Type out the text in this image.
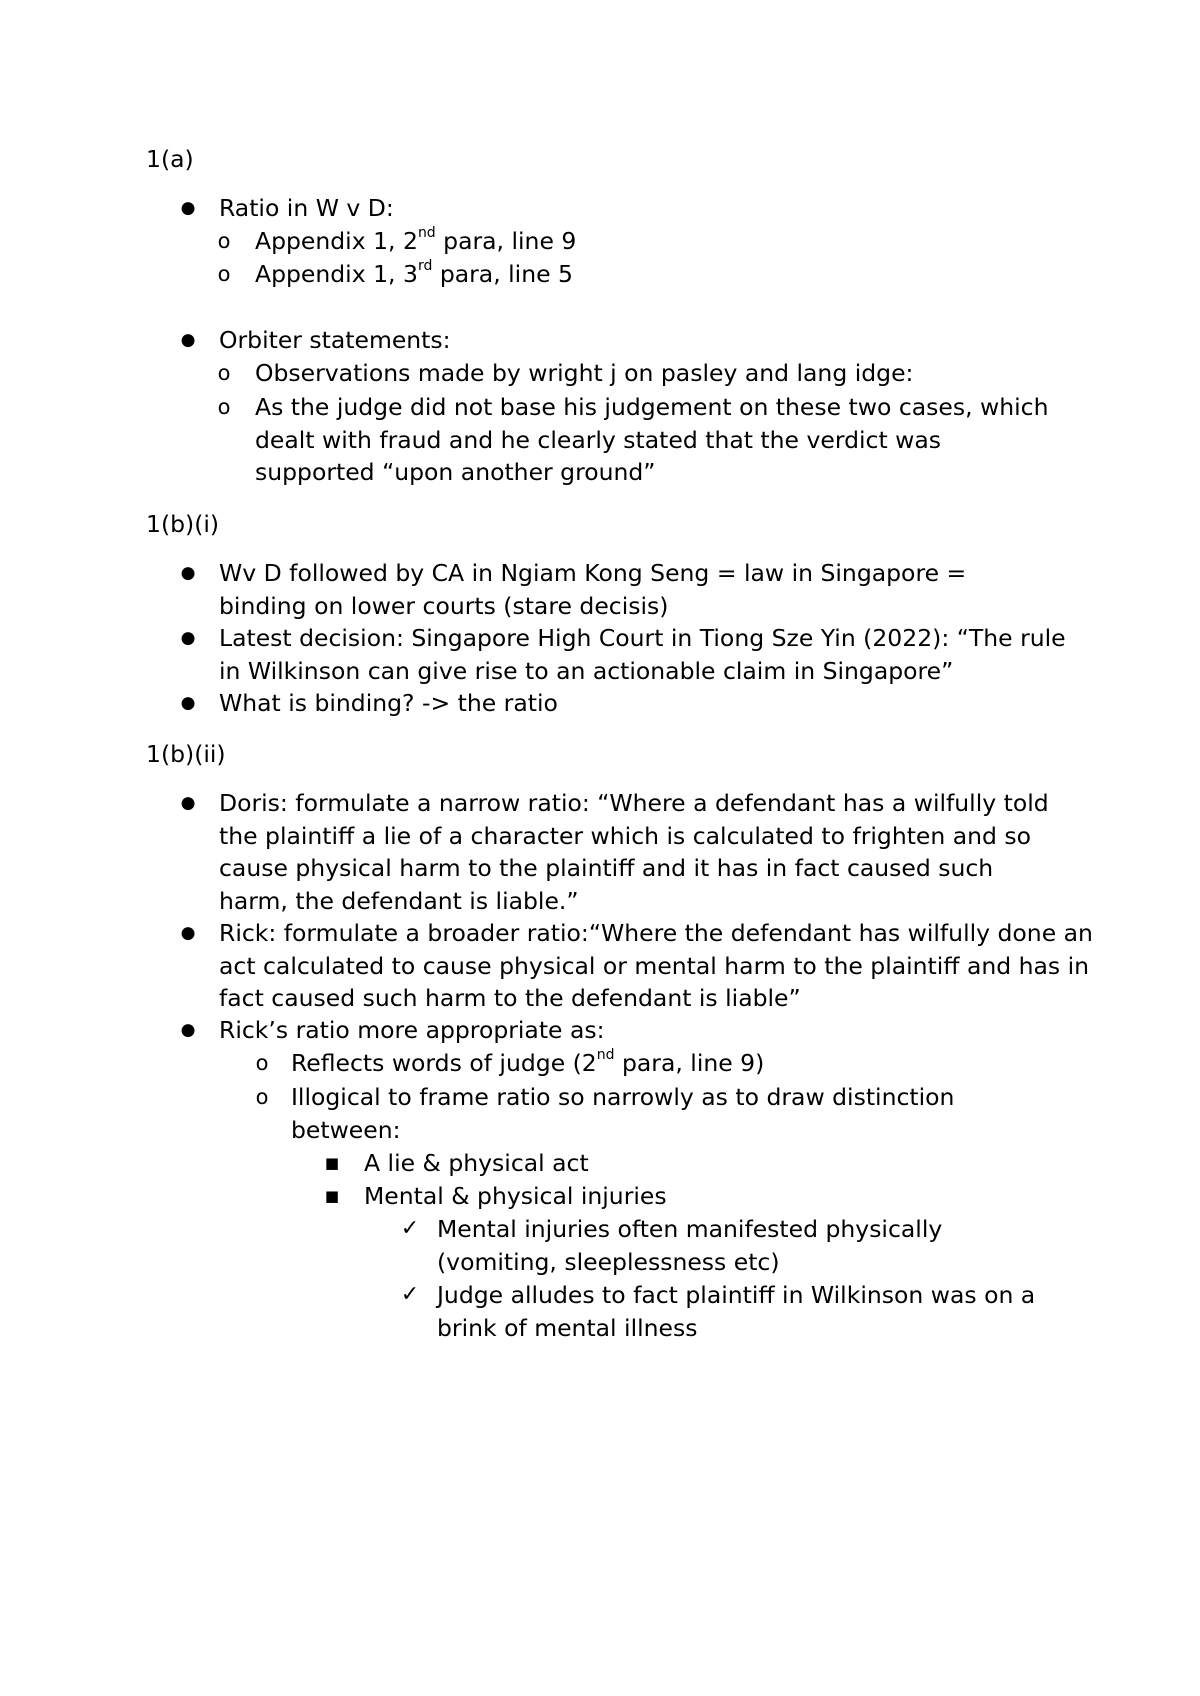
1(a)
● Ratio in W v D:
o Appendix 1, 2nd para, line 9
o Appendix 1, 3rd para, line 5
● Orbiter statements:
o Observations made by wright j on pasley and lang idge:
o As the judge did not base his judgement on these two cases, which dealt with fraud and he clearly stated that the verdict was supported “upon another ground”
1(b)(i)
● Wv D followed by CA in Ngiam Kong Seng = law in Singapore = binding on lower courts (stare decisis)
● Latest decision: Singapore High Court in Tiong Sze Yin (2022): “The rule in Wilkinson can give rise to an actionable claim in Singapore”
● What is binding? -> the ratio
1(b)(ii)
● Doris: formulate a narrow ratio: “Where a defendant has a wilfully told the plaintiff a lie of a character which is calculated to frighten and so cause physical harm to the plaintiff and it has in fact caused such harm, the defendant is liable.”
● Rick: formulate a broader ratio:“Where the defendant has wilfully done an act calculated to cause physical or mental harm to the plaintiff and has in fact caused such harm to the defendant is liable”
● Rick’s ratio more appropriate as:
o Reflects words of judge (2nd para, line 9)
o Illogical to frame ratio so narrowly as to draw distinction between:
■ A lie & physical act
■ Mental & physical injuries
✓ Mental injuries often manifested physically (vomiting, sleeplessness etc)
✓ Judge alludes to fact plaintiff in Wilkinson was on a brink of mental illness
